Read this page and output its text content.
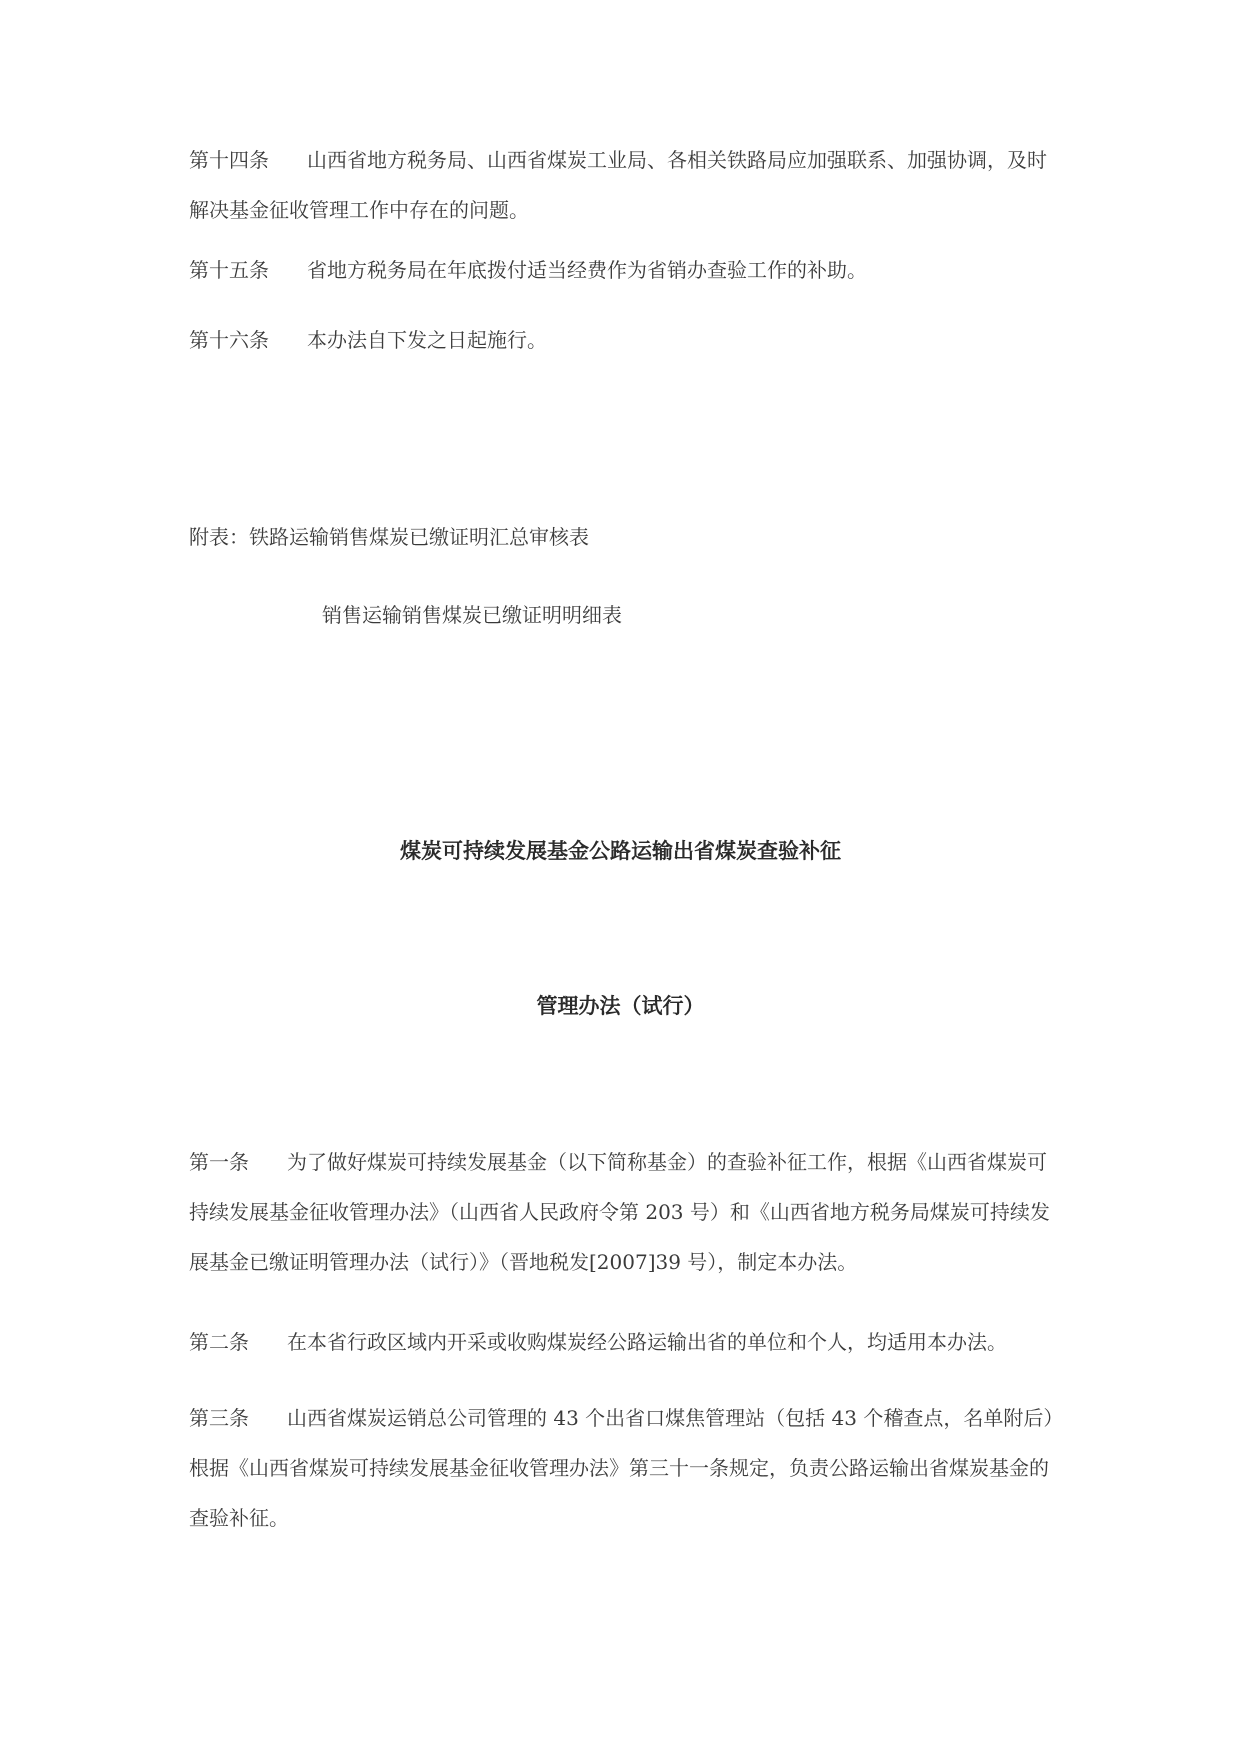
第十四条 山西省地方税务局、山西省煤炭工业局、各相关铁路局应加强联系、加强协调，及时解决基金征收管理工作中存在的问题。

第十五条 省地方税务局在年底拨付适当经费作为省销办查验工作的补助。

第十六条 本办法自下发之日起施行。

附表：铁路运输销售煤炭已缴证明汇总审核表

销售运输销售煤炭已缴证明明细表

煤炭可持续发展基金公路运输出省煤炭查验补征
管理办法（试行）

第一条 为了做好煤炭可持续发展基金（以下简称基金）的查验补征工作，根据《山西省煤炭可持续发展基金征收管理办法》（山西省人民政府令第 203 号）和《山西省地方税务局煤炭可持续发展基金已缴证明管理办法（试行）》（晋地税发[2007]39 号），制定本办法。

第二条 在本省行政区域内开采或收购煤炭经公路运输出省的单位和个人，均适用本办法。

第三条 山西省煤炭运销总公司管理的 43 个出省口煤焦管理站（包括 43 个稽查点，名单附后）根据《山西省煤炭可持续发展基金征收管理办法》第三十一条规定，负责公路运输出省煤炭基金的查验补征。
